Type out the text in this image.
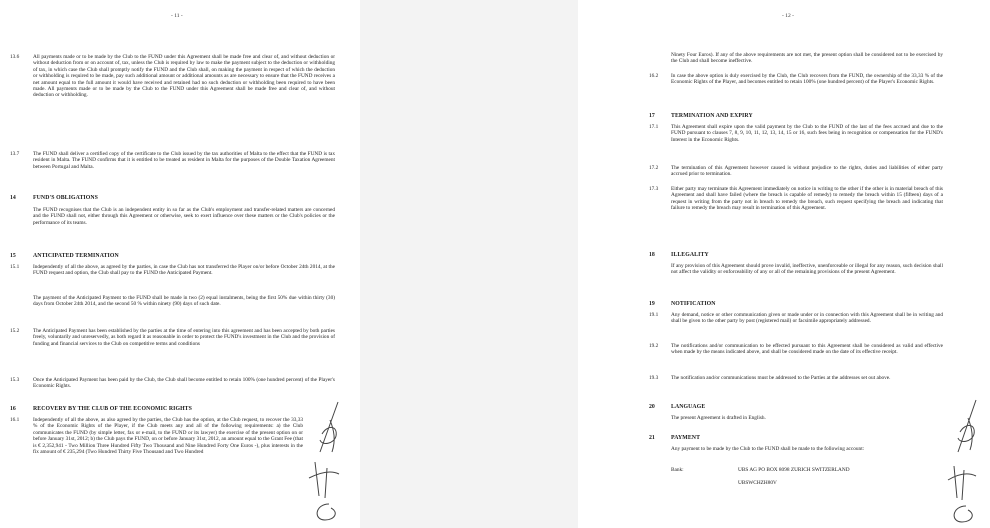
- 11 -
13.6	All payments made or to be made by the Club to the FUND under this Agreement shall be made free and clear of, and without deduction or without deduction from or on account of, tax, unless the Club is required by law to make the payment subject to the deduction or withholding of tax, in which case the Club shall promptly notify the FUND and the Club shall, on making the payment in respect of which the deduction or withholding is required to be made, pay such additional amount or additional amounts as are necessary to ensure that the FUND receives a net amount equal to the full amount it would have received and retained had no such deduction or withholding been required to have been made. All payments made or to be made by the Club to the FUND under this Agreement shall be made free and clear of, and without deduction or withholding.
13.7	The FUND shall deliver a certified copy of the certificate to the Club issued by the tax authorities of Malta to the effect that the FUND is tax resident in Malta. The FUND confirms that it is entitled to be treated as resident in Malta for the purposes of the Double Taxation Agreement between Portugal and Malta.
14	FUND'S OBLIGATIONS
The FUND recognises that the Club is an independent entity in so far as the Club's employment and transfer-related matters are concerned and the FUND shall not, either through this Agreement or otherwise, seek to exert influence over these matters or the Club's policies or the performance of its teams.
15	ANTICIPATED TERMINATION
15.1	Independently of all the above, as agreed by the parties, in case the Club has not transferred the Player on/or before October 24th 2014, at the FUND request and option, the Club shall pay to the FUND the Anticipated Payment.
The payment of the Anticipated Payment to the FUND shall be made in two (2) equal instalments, being the first 50% due within thirty (30) days from October 24th 2014, and the second 50 % within ninety (90) days of such date.
15.2	The Anticipated Payment has been established by the parties at the time of entering into this agreement and has been accepted by both parties freely, voluntarily and unreservedly, as both regard it as reasonable in order to protect the FUND's investment in the Club and the provision of funding and financial services to the Club on competitive terms and conditions
15.3	Once the Anticipated Payment has been paid by the Club, the Club shall become entitled to retain 100% (one hundred percent) of the Player's Economic Rights.
16	RECOVERY BY THE CLUB OF THE ECONOMIC RIGHTS
16.1	Independently of all the above, as also agreed by the parties, the Club has the option, at the Club request, to recover the 33,33 % of the Economic Rights of the Player, if the Club meets any and all of the following requirements: a) the Club communicates the FUND (by simple letter, fax or e-mail, to the FUND or its lawyer) the exercise of the present option on or before January 31st, 2012; b) the Club pays the FUND, on or before January 31st, 2012, an amount equal to the Grant Fee (that is € 2,352,941 - Two Million Three Hundred Fifty Two Thousand and Nine Hundred Forty One Euros -), plus interests in the fix amount of € 235,294 (Two Hundred Thirty Five Thousand and Two Hundred
- 12 -
Ninety Four Euros). If any of the above requirements are not met, the present option shall be considered not to be exercised by the Club and shall become ineffective.
16.2 In case the above option is duly exercised by the Club, the Club recovers from the FUND, the ownership of the 33,33 % of the Economic Rights of the Player, and becomes entitled to retain 100% (one hundred percent) of the Player's Economic Rights.
17	TERMINATION AND EXPIRY
17.1 This Agreement shall expire upon the valid payment by the Club to the FUND of the last of the fees accrued and due to the FUND pursuant to clauses 7, 8, 9, 10, 11, 12, 13, 14, 15 or 16, such fees being in recognition or compensation for the FUND's Interest in the Economic Rights.
17.2 The termination of this Agreement however caused is without prejudice to the rights, duties and liabilities of either party accrued prior to termination.
17.3 Either party may terminate this Agreement immediately on notice in writing to the other if the other is in material breach of this Agreement and shall have failed (where the breach is capable of remedy) to remedy the breach within 15 (fifteen) days of a request in writing from the party not in breach to remedy the breach, such request specifying the breach and indicating that failure to remedy the breach may result in termination of this Agreement.
18	ILLEGALITY
If any provision of this Agreement should prove invalid, ineffective, unenforceable or illegal for any reason, such decision shall not affect the validity or enforceability of any or all of the remaining provisions of the present Agreement.
19	NOTIFICATION
19.1 Any demand, notice or other communication given or made under or in connection with this Agreement shall be in writing and shall be given to the other party by post (registered mail) or facsimile appropriately addressed.
19.2 The notifications and/or communication to be effected pursuant to this Agreement shall be considered as valid and effective when made by the means indicated above, and shall be considered made on the date of its effective receipt.
19.3 The notification and/or communications must be addressed to the Parties at the addresses set out above.
20	LANGUAGE
The present Agreement is drafted in English.
21	PAYMENT
Any payment to be made by the Club to the FUND shall be made to the following account:
Bank:	UBS AG PO BOX 8098 ZURICH SWITZERLAND
UBSWCHZH80V
